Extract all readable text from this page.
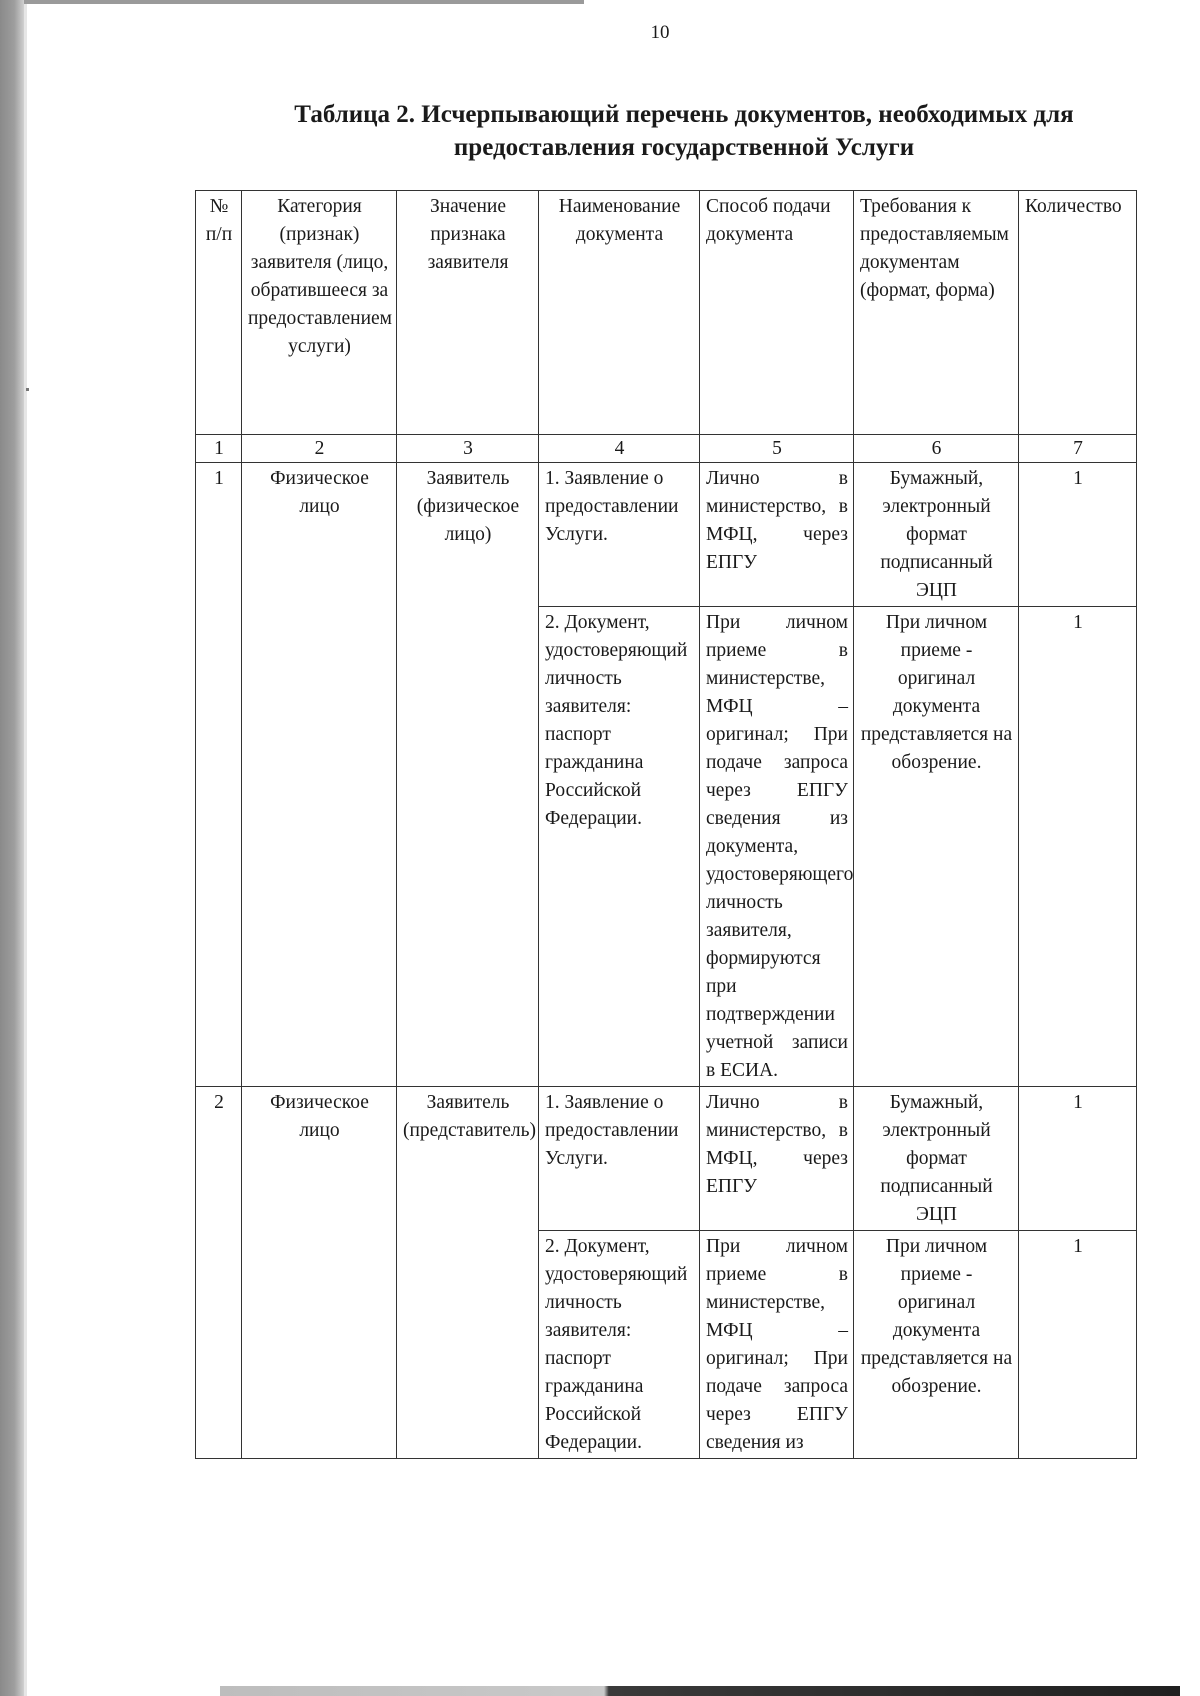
10
Таблица 2. Исчерпывающий перечень документов, необходимых для
предоставления государственной Услуги
№ п/п	Категория (признак) заявителя (лицо, обратившееся за предоставлением услуги)	Значение признака заявителя	Наименование документа	Способ подачи документа	Требования к предоставляемым документам (формат, форма)	Количество
1	2	3	4	5	6	7
1	Физическое лицо	Заявитель (физическое лицо)	1. Заявление о предоставлении Услуги.	Лично в министерство, в МФЦ, через ЕПГУ	Бумажный, электронный формат подписанный ЭЦП	1
			2. Документ, удостоверяющий личность заявителя: паспорт гражданина Российской Федерации.	При личном приеме в министерстве, МФЦ – оригинал; При подаче запроса через ЕПГУ сведения из документа, удостоверяющего личность заявителя, формируются при подтверждении учетной записи в ЕСИА.	При личном приеме - оригинал документа представляется на обозрение.	1
2	Физическое лицо	Заявитель (представитель)	1. Заявление о предоставлении Услуги.	Лично в министерство, в МФЦ, через ЕПГУ	Бумажный, электронный формат подписанный ЭЦП	1
			2. Документ, удостоверяющий личность заявителя: паспорт гражданина Российской Федерации.	При личном приеме в министерстве, МФЦ – оригинал; При подаче запроса через ЕПГУ сведения из	При личном приеме - оригинал документа представляется на обозрение.	1
